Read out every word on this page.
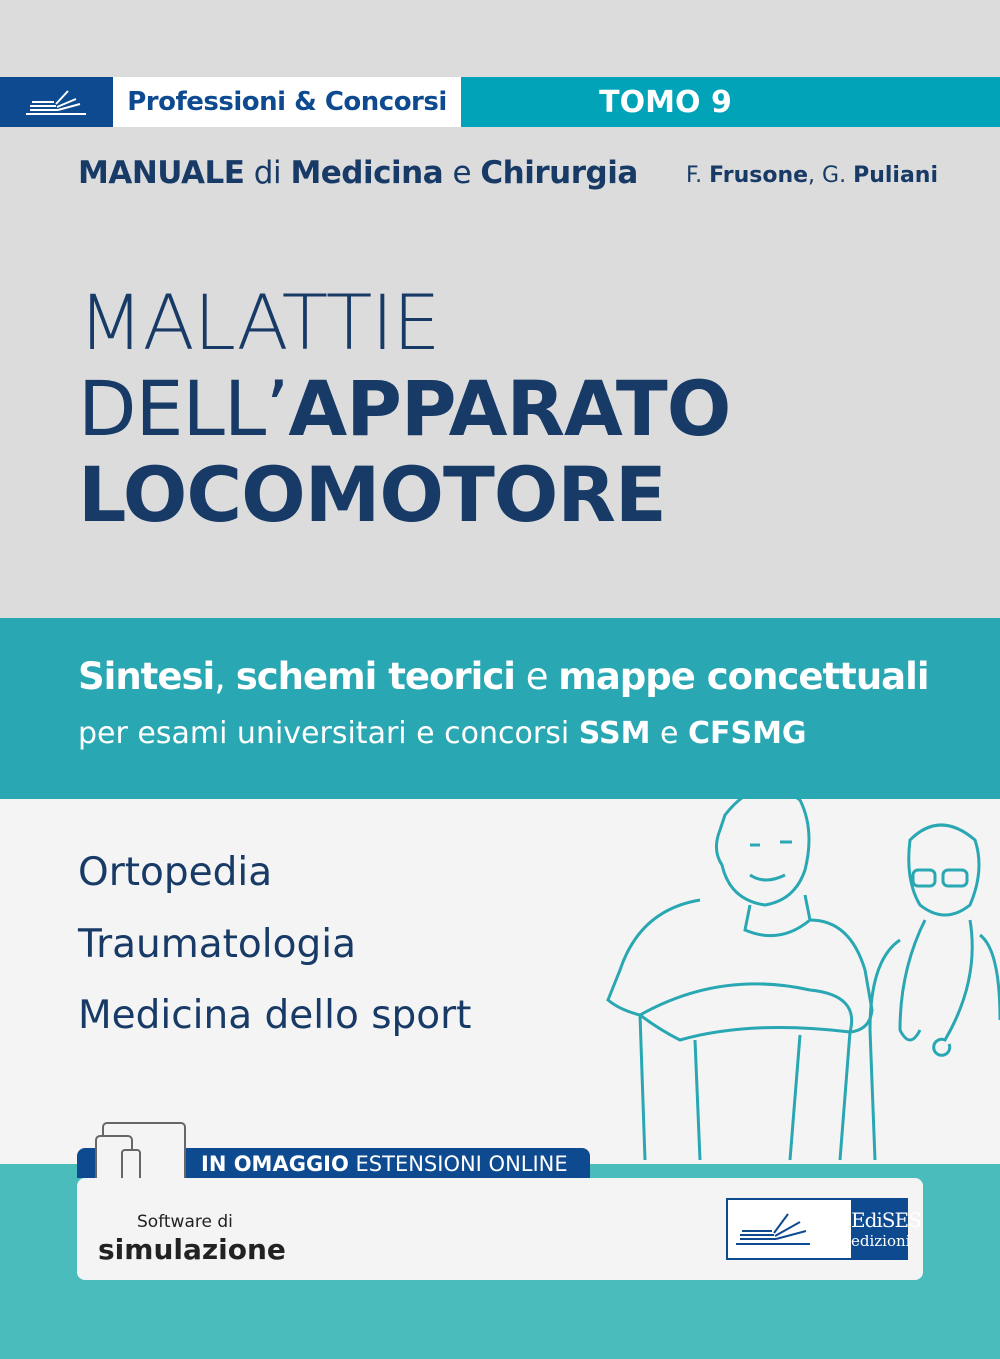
Professioni & Concorsi	TOMO 9
MANUALE di Medicina e Chirurgia F. Frusone, G. Puliani
MALATTIE
DELL’APPARATO
LOCOMOTORE
Sintesi, schemi teorici e mappe concettuali
per esami universitari e concorsi SSM e CFSMG
Ortopedia
Traumatologia
Medicina dello sport
IN OMAGGIO ESTENSIONI ONLINE
Software di
simulazione
EdiSES
edizioni
